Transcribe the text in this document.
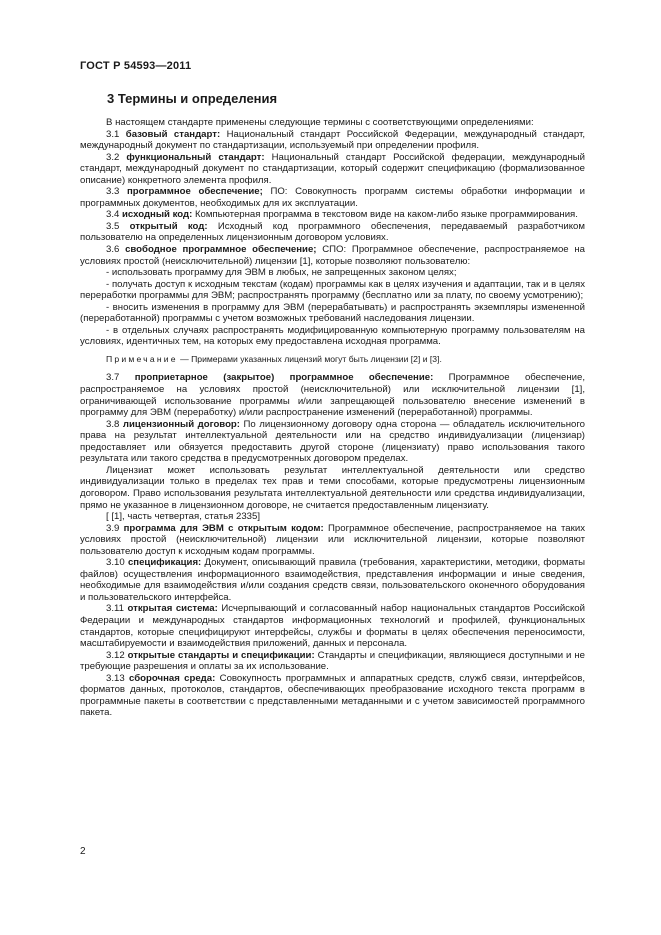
ГОСТ Р 54593—2011
3 Термины и определения

В настоящем стандарте применены следующие термины с соответствующими определениями:

3.1 базовый стандарт: Национальный стандарт Российской Федерации, международный стандарт, международный документ по стандартизации, используемый при определении профиля.

3.2 функциональный стандарт: Национальный стандарт Российской федерации, международный стандарт, международный документ по стандартизации, который содержит спецификацию (формализованное описание) конкретного элемента профиля.

3.3 программное обеспечение; ПО: Совокупность программ системы обработки информации и программных документов, необходимых для их эксплуатации.

3.4 исходный код: Компьютерная программа в текстовом виде на каком-либо языке программирования.

3.5 открытый код: Исходный код программного обеспечения, передаваемый разработчиком пользователю на определенных лицензионным договором условиях.

3.6 свободное программное обеспечение; СПО: Программное обеспечение, распространяемое на условиях простой (неисключительной) лицензии [1], которые позволяют пользователю:

- использовать программу для ЭВМ в любых, не запрещенных законом целях;

- получать доступ к исходным текстам (кодам) программы как в целях изучения и адаптации, так и в целях переработки программы для ЭВМ; распространять программу (бесплатно или за плату, по своему усмотрению);

- вносить изменения в программу для ЭВМ (перерабатывать) и распространять экземпляры измененной (переработанной) программы с учетом возможных требований наследования лицензии.

- в отдельных случаях распространять модифицированную компьютерную программу пользователям на условиях, идентичных тем, на которых ему предоставлена исходная программа.

Примечание — Примерами указанных лицензий могут быть лицензии [2] и [3].

3.7 проприетарное (закрытое) программное обеспечение: Программное обеспечение, распространяемое на условиях простой (неисключительной) или исключительной лицензии [1], ограничивающей использование программы и/или запрещающей пользователю внесение изменений в программу для ЭВМ (переработку) и/или распространение изменений (переработанной) программы.

3.8 лицензионный договор: По лицензионному договору одна сторона — обладатель исключительного права на результат интеллектуальной деятельности или на средство индивидуализации (лицензиар) предоставляет или обязуется предоставить другой стороне (лицензиату) право использования такого результата или такого средства в предусмотренных договором пределах.

Лицензиат может использовать результат интеллектуальной деятельности или средство индивидуализации только в пределах тех прав и теми способами, которые предусмотрены лицензионным договором. Право использования результата интеллектуальной деятельности или средства индивидуализации, прямо не указанное в лицензионном договоре, не считается предоставленным лицензиату.

[ [1], часть четвертая, статья 2335]

3.9 программа для ЭВМ с открытым кодом: Программное обеспечение, распространяемое на таких условиях простой (неисключительной) лицензии или исключительной лицензии, которые позволяют пользователю доступ к исходным кодам программы.

3.10 спецификация: Документ, описывающий правила (требования, характеристики, методики, форматы файлов) осуществления информационного взаимодействия, представления информации и иные сведения, необходимые для взаимодействия и/или создания средств связи, пользовательского оконечного оборудования и пользовательского интерфейса.

3.11 открытая система: Исчерпывающий и согласованный набор национальных стандартов Российской Федерации и международных стандартов информационных технологий и профилей, функциональных стандартов, которые специфицируют интерфейсы, службы и форматы в целях обеспечения переносимости, масштабируемости и взаимодействия приложений, данных и персонала.

3.12 открытые стандарты и спецификации: Стандарты и спецификации, являющиеся доступными и не требующие разрешения и оплаты за их использование.

3.13 сборочная среда: Совокупность программных и аппаратных средств, служб связи, интерфейсов, форматов данных, протоколов, стандартов, обеспечивающих преобразование исходного текста программ в программные пакеты в соответствии с представленными метаданными и с учетом зависимостей программного пакета.

2
